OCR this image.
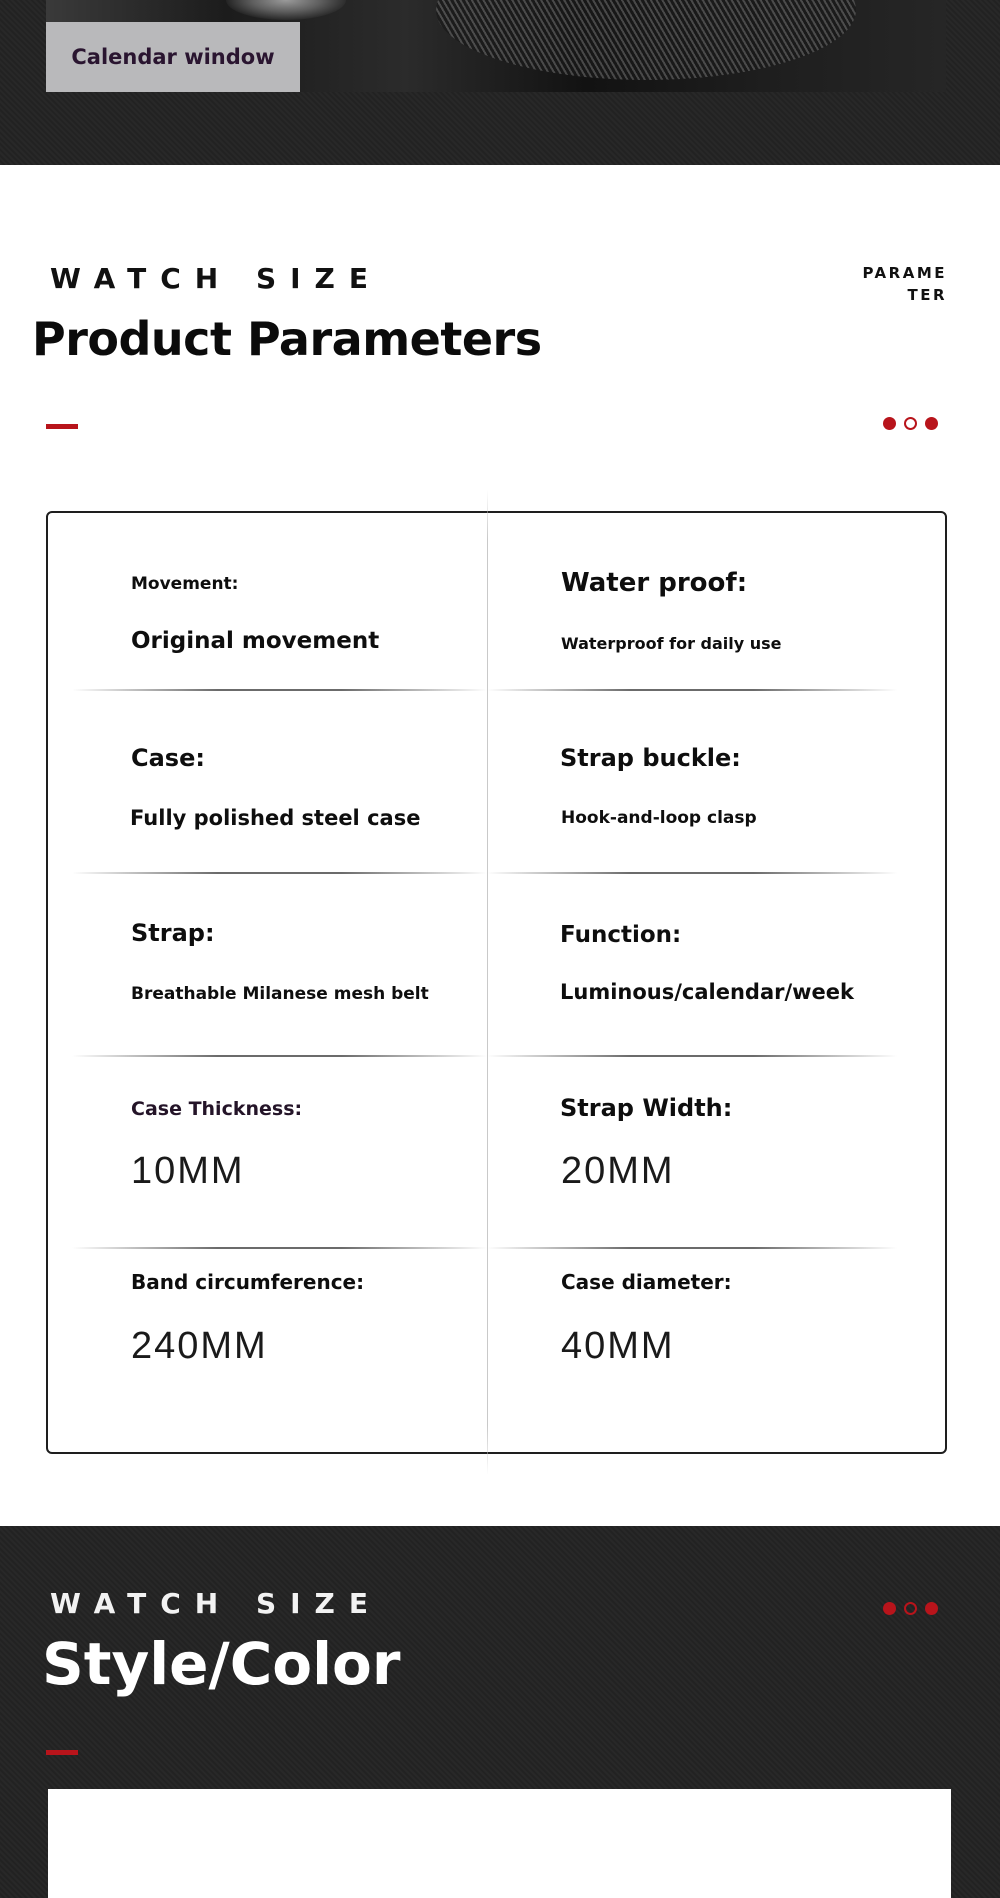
Calendar window
WATCH SIZE	PARAME
TER
Product Parameters
Movement:
Original movement
Water proof:
Waterproof for daily use
Case:
Fully polished steel case
Strap buckle:
Hook-and-loop clasp
Strap:
Breathable Milanese mesh belt
Function:
Luminous/calendar/week
Case Thickness:
10MM
Strap Width:
20MM
Band circumference:
240MM
Case diameter:
40MM
WATCH SIZE
Style/Color
